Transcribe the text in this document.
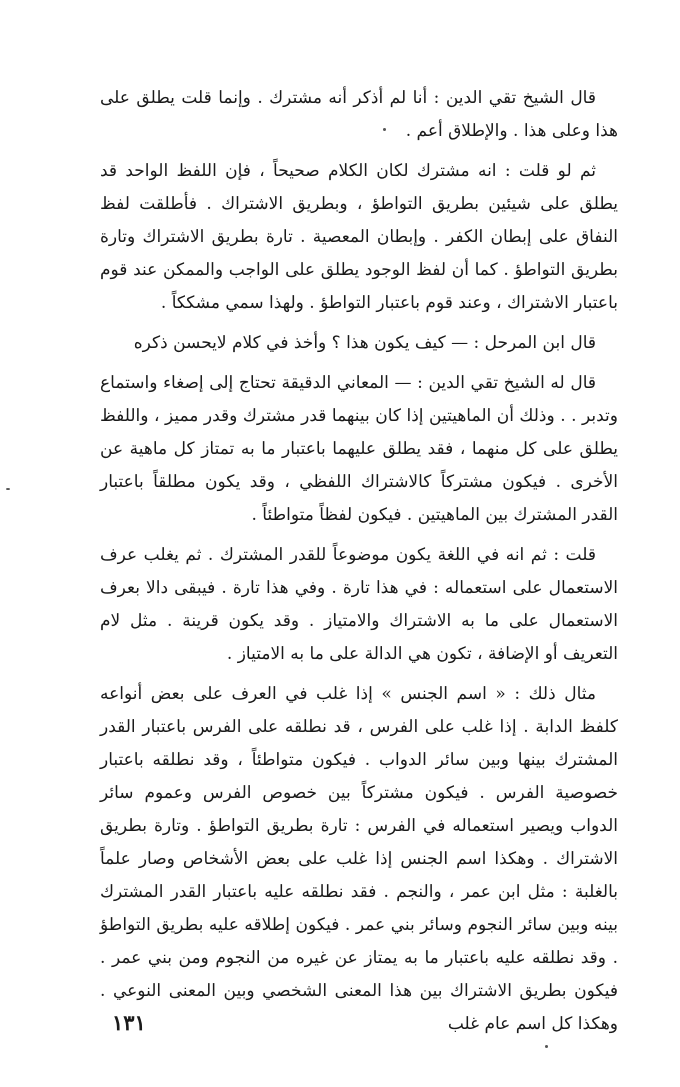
قال الشيخ تقي الدين : أنا لم أذكر أنه مشترك . وإنما قلت يطلق على هذا وعلى هذا . والإطلاق أعم .

ثم لو قلت : انه مشترك لكان الكلام صحيحاً ، فإن اللفظ الواحد قد يطلق على شيئين بطريق التواطؤ ، وبطريق الاشتراك . فأطلقت لفظ النفاق على إبطان الكفر . وإبطان المعصية . تارة بطريق الاشتراك وتارة بطريق التواطؤ . كما أن لفظ الوجود يطلق على الواجب والممكن عند قوم باعتبار الاشتراك ، وعند قوم باعتبار التواطؤ . ولهذا سمي مشككاً .

قال ابن المرحل : — كيف يكون هذا ؟ وأخذ في كلام لايحسن ذكره

قال له الشيخ تقي الدين : — المعاني الدقيقة تحتاج إلى إصغاء واستماع وتدبر . . وذلك أن الماهيتين إذا كان بينهما قدر مشترك وقدر مميز ، واللفظ يطلق على كل منهما ، فقد يطلق عليهما باعتبار ما به تمتاز كل ماهية عن الأخرى . فيكون مشتركاً كالاشتراك اللفظي ، وقد يكون مطلقاً باعتبار القدر المشترك بين الماهيتين . فيكون لفظاً متواطئاً .

قلت : ثم انه في اللغة يكون موضوعاً للقدر المشترك . ثم يغلب عرف الاستعمال على استعماله : في هذا تارة . وفي هذا تارة . فيبقى دالا بعرف الاستعمال على ما به الاشتراك والامتياز . وقد يكون قرينة . مثل لام التعريف أو الإضافة ، تكون هي الدالة على ما به الامتياز .

مثال ذلك : « اسم الجنس » إذا غلب في العرف على بعض أنواعه كلفظ الدابة . إذا غلب على الفرس ، قد نطلقه على الفرس باعتبار القدر المشترك بينها وبين سائر الدواب . فيكون متواطئاً ، وقد نطلقه باعتبار خصوصية الفرس . فيكون مشتركاً بين خصوص الفرس وعموم سائر الدواب ويصير استعماله في الفرس : تارة بطريق التواطؤ . وتارة بطريق الاشتراك . وهكذا اسم الجنس إذا غلب على بعض الأشخاص وصار علماً بالغلبة : مثل ابن عمر ، والنجم . فقد نطلقه عليه باعتبار القدر المشترك بينه وبين سائر النجوم وسائر بني عمر . فيكون إطلاقه عليه بطريق التواطؤ . وقد نطلقه عليه باعتبار ما به يمتاز عن غيره من النجوم ومن بني عمر . فيكون بطريق الاشتراك بين هذا المعنى الشخصي وبين المعنى النوعي . وهكذا كل اسم عام غلب

١٣١
